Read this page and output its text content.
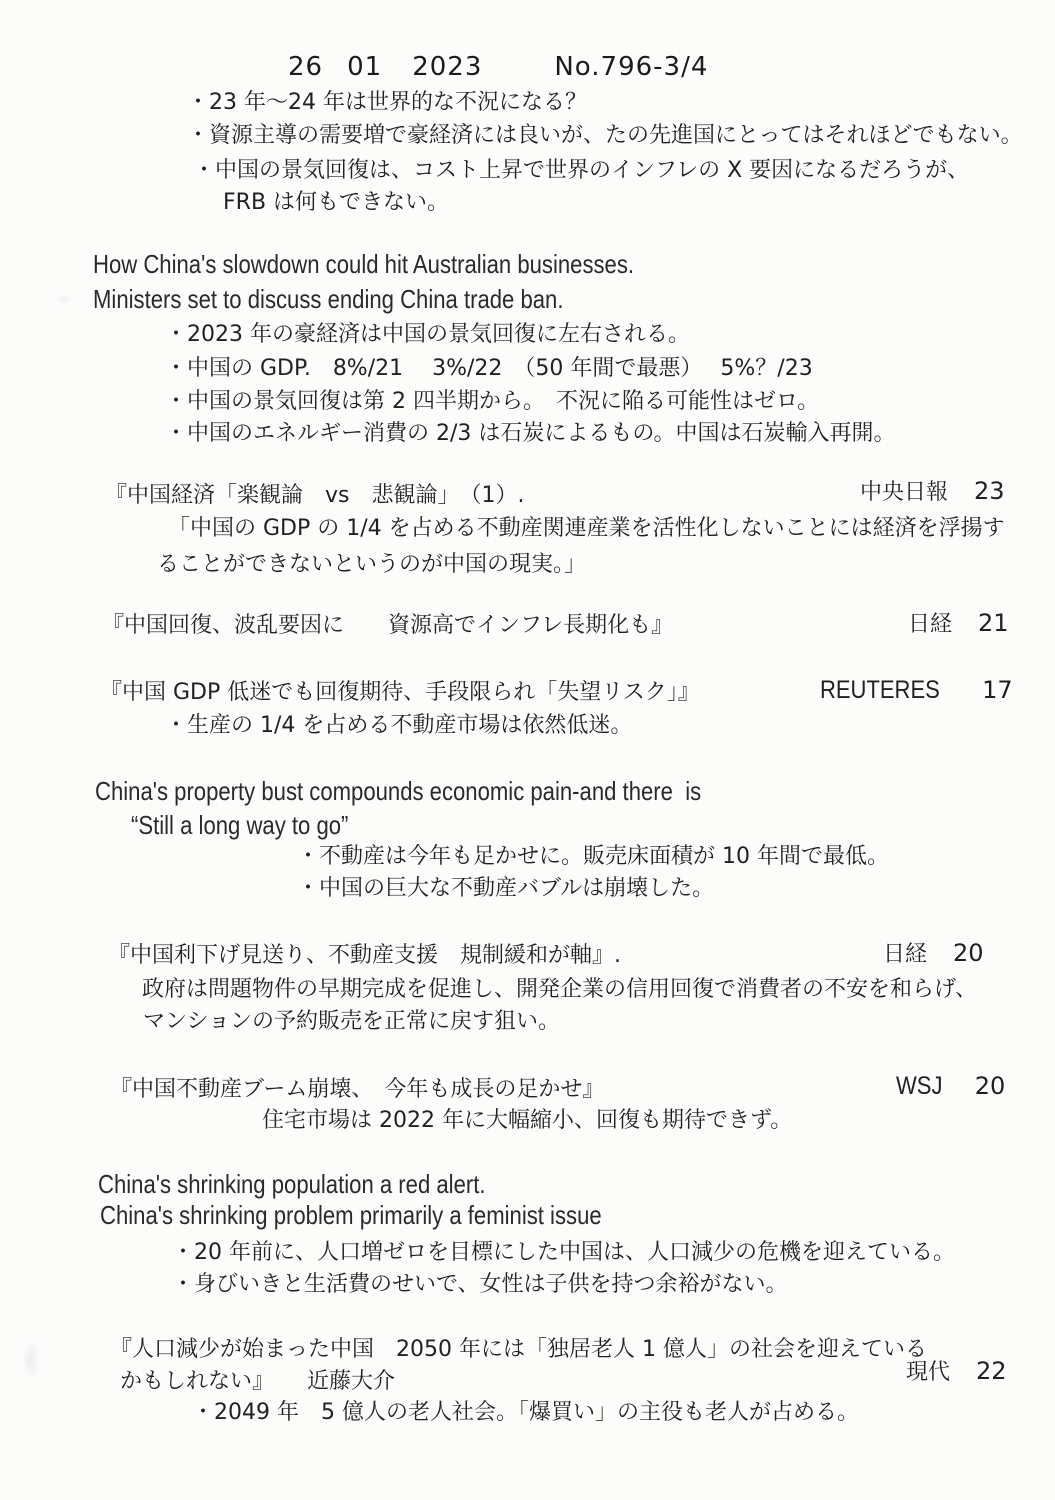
26 01 2023	No.796-3/4
・23 年～24 年は世界的な不況になる？
・資源主導の需要増で豪経済には良いが、たの先進国にとってはそれほどでもない。
・中国の景気回復は、コスト上昇で世界のインフレの X 要因になるだろうが、
FRB は何もできない。
How China's slowdown could hit Australian businesses.
Ministers set to discuss ending China trade ban.
・2023 年の豪経済は中国の景気回復に左右される。
・中国の GDP.　8%/21　 3%/22　（50 年間で最悪）　 5%？/23
・中国の景気回復は第 2 四半期から。　不況に陥る可能性はゼロ。
・中国のエネルギー消費の 2/3 は石炭によるもの。中国は石炭輸入再開。
『中国経済「楽観論　vs　悲観論」　（1）.	中央日報 23
「中国の GDP の 1/4 を占める不動産関連産業を活性化しないことには経済を浮揚す
ることができないというのが中国の現実。」
『中国回復、波乱要因に　　資源高でインフレ長期化も』	日経 21
『中国 GDP 低迷でも回復期待、手段限られ「失望リスク」』	REUTERES 17
・生産の 1/4 を占める不動産市場は依然低迷。
China's property bust compounds economic pain-and there  is
“Still a long way to go”
・不動産は今年も足かせに。販売床面積が 10 年間で最低。
・中国の巨大な不動産バブルは崩壊した。
『中国利下げ見送り、不動産支援　規制緩和が軸』.	日経 20
政府は問題物件の早期完成を促進し、開発企業の信用回復で消費者の不安を和らげ、
マンションの予約販売を正常に戻す狙い。
『中国不動産ブーム崩壊、　今年も成長の足かせ』	WSJ 20
住宅市場は 2022 年に大幅縮小、回復も期待できず。
China's shrinking population a red alert.
China's shrinking problem primarily a feminist issue
・20 年前に、人口増ゼロを目標にした中国は、人口減少の危機を迎えている。
・身びいきと生活費のせいで、女性は子供を持つ余裕がない。
『人口減少が始まった中国　2050 年には「独居老人 1 億人」の社会を迎えている
かもしれない』　　近藤大介	現代 22
・2049 年　5 億人の老人社会。「爆買い」の主役も老人が占める。
